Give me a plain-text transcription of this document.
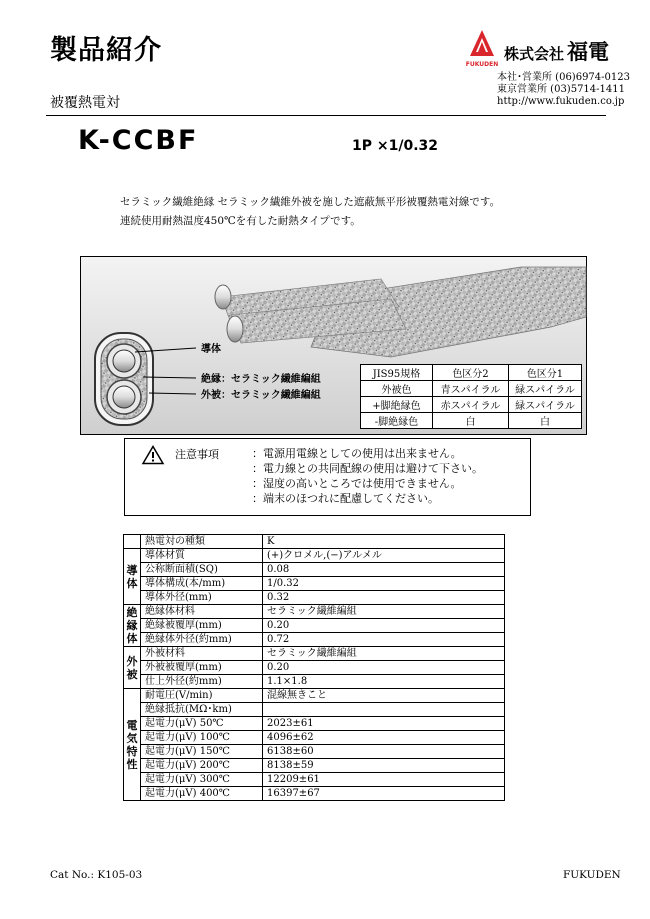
製品紹介
被覆熱電対
FUKUDEN
株式会社 福電
本社･営業所 (06)6974-0123
東京営業所 (03)5714-1411
http://www.fukuden.co.jp
K-CCBF	1P ×1/0.32
セラミック繊維絶縁 セラミック繊維外被を施した遮蔽無平形被覆熱電対線です。
連続使用耐熱温度450℃を有した耐熱タイプです。
導体
絶縁：セラミック繊維編組
外被：セラミック繊維編組
JIS95規格	色区分2	色区分1
外被色	青スパイラル	緑スパイラル
+脚絶縁色	赤スパイラル	緑スパイラル
-脚絶縁色	白	白
注意事項	：電源用電線としての使用は出来ません。
：電力線との共同配線の使用は避けて下さい。
：湿度の高いところでは使用できません。
：端末のほつれに配慮してください。
	熱電対の種類	K
導
体	導体材質	(+)クロメル,(−)アルメル
	公称断面積(SQ)	0.08
	導体構成(本/mm)	1/0.32
	導体外径(mm)	0.32
絶
縁
体	絶縁体材料	セラミック繊維編組
	絶縁被覆厚(mm)	0.20
	絶縁体外径(約mm)	0.72
外
被	外被材料	セラミック繊維編組
	外被被覆厚(mm)	0.20
	仕上外径(約mm)	1.1×1.8
電
気
特
性	耐電圧(V/min)	混線無きこと
	絶縁抵抗(MΩ･km)	
	起電力(μV) 50℃	2023±61
	起電力(μV) 100℃	4096±62
	起電力(μV) 150℃	6138±60
	起電力(μV) 200℃	8138±59
	起電力(μV) 300℃	12209±61
	起電力(μV) 400℃	16397±67
Cat No.: K105-03	FUKUDEN
